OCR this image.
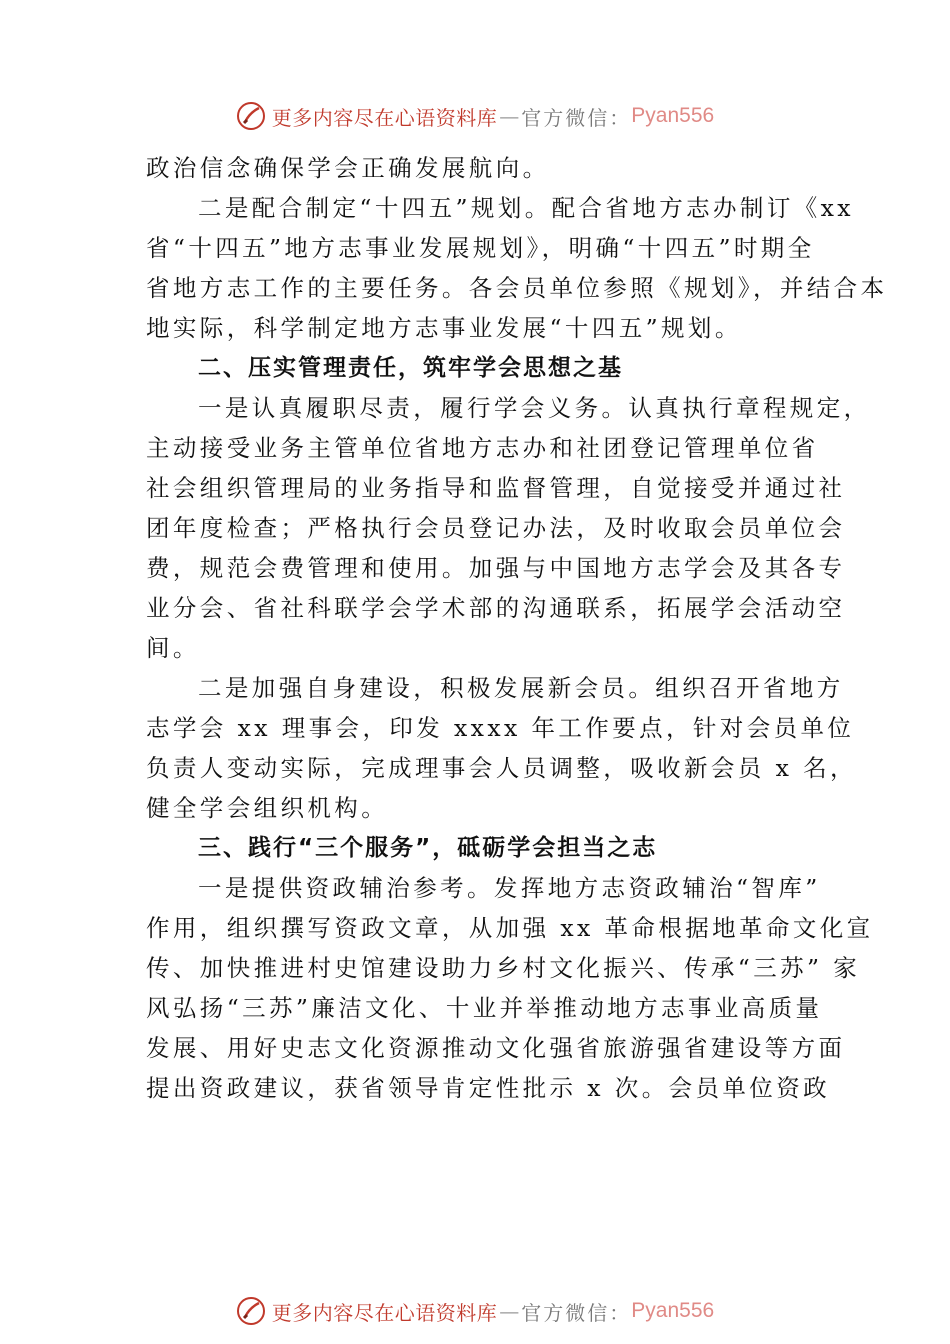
更多内容尽在心语资料库 — 官方微信： Pyan556
政治信念确保学会正确发展航向。
二是配合制定“十四五”规划。配合省地方志办制订《xx
省“十四五”地方志事业发展规划》，明确“十四五”时期全
省地方志工作的主要任务。各会员单位参照《规划》，并结合本
地实际，科学制定地方志事业发展“十四五”规划。
二、压实管理责任，筑牢学会思想之基
一是认真履职尽责，履行学会义务。认真执行章程规定，
主动接受业务主管单位省地方志办和社团登记管理单位省
社会组织管理局的业务指导和监督管理，自觉接受并通过社
团年度检查；严格执行会员登记办法，及时收取会员单位会
费，规范会费管理和使用。加强与中国地方志学会及其各专
业分会、省社科联学会学术部的沟通联系，拓展学会活动空
间。
二是加强自身建设，积极发展新会员。组织召开省地方
志学会 xx 理事会，印发 xxxx 年工作要点，针对会员单位
负责人变动实际，完成理事会人员调整，吸收新会员 x 名，
健全学会组织机构。
三、践行“三个服务”，砥砺学会担当之志
一是提供资政辅治参考。发挥地方志资政辅治“智库”
作用，组织撰写资政文章，从加强 xx 革命根据地革命文化宣
传、加快推进村史馆建设助力乡村文化振兴、传承“三苏” 家
风弘扬“三苏”廉洁文化、十业并举推动地方志事业高质量
发展、用好史志文化资源推动文化强省旅游强省建设等方面
提出资政建议，获省领导肯定性批示 x 次。会员单位资政
更多内容尽在心语资料库 — 官方微信： Pyan556
